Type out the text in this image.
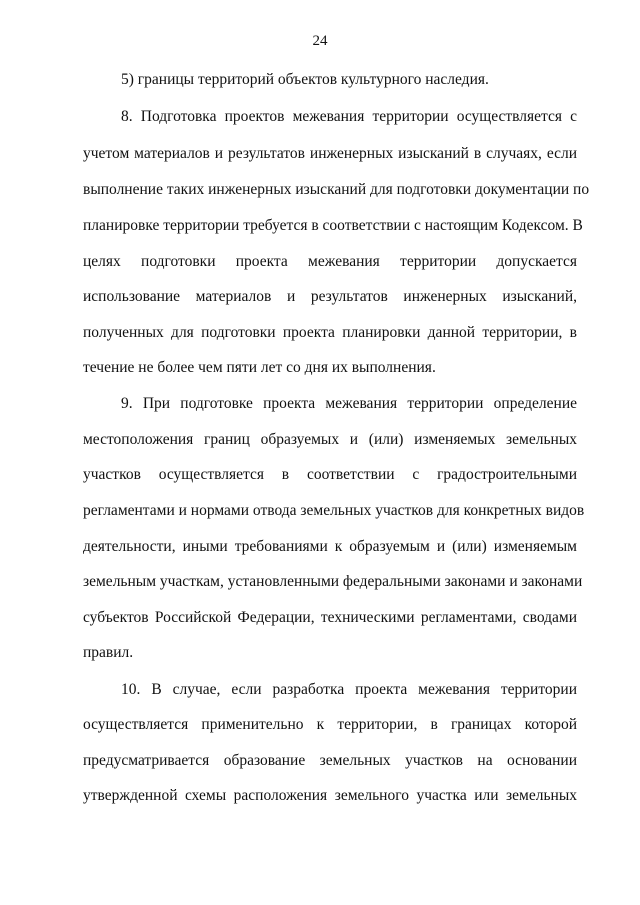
24
5) границы территорий объектов культурного наследия.
8. Подготовка проектов межевания территории осуществляется с
учетом материалов и результатов инженерных изысканий в случаях, если
выполнение таких инженерных изысканий для подготовки документации по
планировке территории требуется в соответствии с настоящим Кодексом. В
целях подготовки проекта межевания территории допускается
использование материалов и результатов инженерных изысканий,
полученных для подготовки проекта планировки данной территории, в
течение не более чем пяти лет со дня их выполнения.
9. При подготовке проекта межевания территории определение
местоположения границ образуемых и (или) изменяемых земельных
участков осуществляется в соответствии с градостроительными
регламентами и нормами отвода земельных участков для конкретных видов
деятельности, иными требованиями к образуемым и (или) изменяемым
земельным участкам, установленными федеральными законами и законами
субъектов Российской Федерации, техническими регламентами, сводами
правил.
10. В случае, если разработка проекта межевания территории
осуществляется применительно к территории, в границах которой
предусматривается образование земельных участков на основании
утвержденной схемы расположения земельного участка или земельных
